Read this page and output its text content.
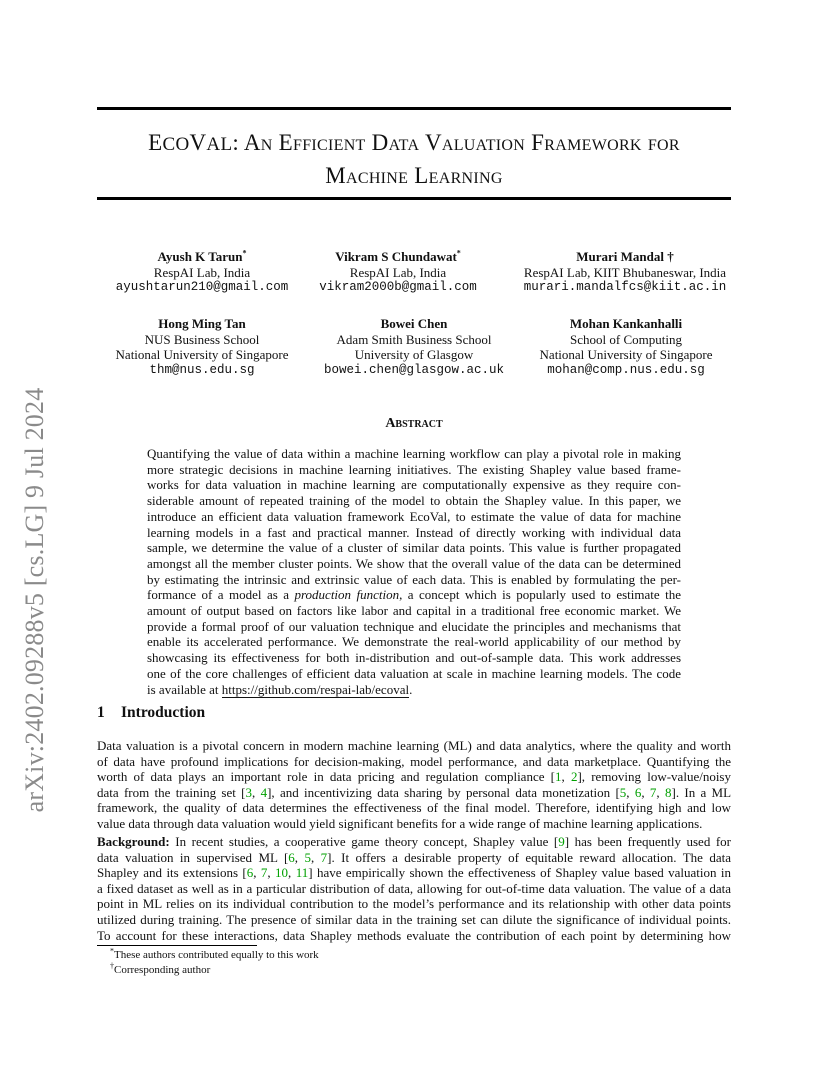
arXiv:2402.09288v5 [cs.LG] 9 Jul 2024
ECOVAL: An Efficient Data Valuation Framework for
Machine Learning
Ayush K Tarun*
RespAI Lab, India
ayushtarun210@gmail.com
Vikram S Chundawat*
RespAI Lab, India
vikram2000b@gmail.com
Murari Mandal †
RespAI Lab, KIIT Bhubaneswar, India
murari.mandalfcs@kiit.ac.in
Hong Ming Tan
NUS Business School
National University of Singapore
thm@nus.edu.sg
Bowei Chen
Adam Smith Business School
University of Glasgow
bowei.chen@glasgow.ac.uk
Mohan Kankanhalli
School of Computing
National University of Singapore
mohan@comp.nus.edu.sg
Abstract
Quantifying the value of data within a machine learning workflow can play a pivotal role in making
more strategic decisions in machine learning initiatives. The existing Shapley value based frame-
works for data valuation in machine learning are computationally expensive as they require con-
siderable amount of repeated training of the model to obtain the Shapley value. In this paper, we
introduce an efficient data valuation framework EcoVal, to estimate the value of data for machine
learning models in a fast and practical manner. Instead of directly working with individual data
sample, we determine the value of a cluster of similar data points. This value is further propagated
amongst all the member cluster points. We show that the overall value of the data can be determined
by estimating the intrinsic and extrinsic value of each data. This is enabled by formulating the per-
formance of a model as a production function, a concept which is popularly used to estimate the
amount of output based on factors like labor and capital in a traditional free economic market. We
provide a formal proof of our valuation technique and elucidate the principles and mechanisms that
enable its accelerated performance. We demonstrate the real-world applicability of our method by
showcasing its effectiveness for both in-distribution and out-of-sample data. This work addresses
one of the core challenges of efficient data valuation at scale in machine learning models. The code
is available at https://github.com/respai-lab/ecoval.
1 Introduction
Data valuation is a pivotal concern in modern machine learning (ML) and data analytics, where the quality and worth
of data have profound implications for decision-making, model performance, and data marketplace. Quantifying the
worth of data plays an important role in data pricing and regulation compliance [1, 2], removing low-value/noisy
data from the training set [3, 4], and incentivizing data sharing by personal data monetization [5, 6, 7, 8]. In a ML
framework, the quality of data determines the effectiveness of the final model. Therefore, identifying high and low
value data through data valuation would yield significant benefits for a wide range of machine learning applications.
Background: In recent studies, a cooperative game theory concept, Shapley value [9] has been frequently used for
data valuation in supervised ML [6, 5, 7]. It offers a desirable property of equitable reward allocation. The data
Shapley and its extensions [6, 7, 10, 11] have empirically shown the effectiveness of Shapley value based valuation in
a fixed dataset as well as in a particular distribution of data, allowing for out-of-time data valuation. The value of a data
point in ML relies on its individual contribution to the model’s performance and its relationship with other data points
utilized during training. The presence of similar data in the training set can dilute the significance of individual points.
To account for these interactions, data Shapley methods evaluate the contribution of each point by determining how
*These authors contributed equally to this work
†Corresponding author
